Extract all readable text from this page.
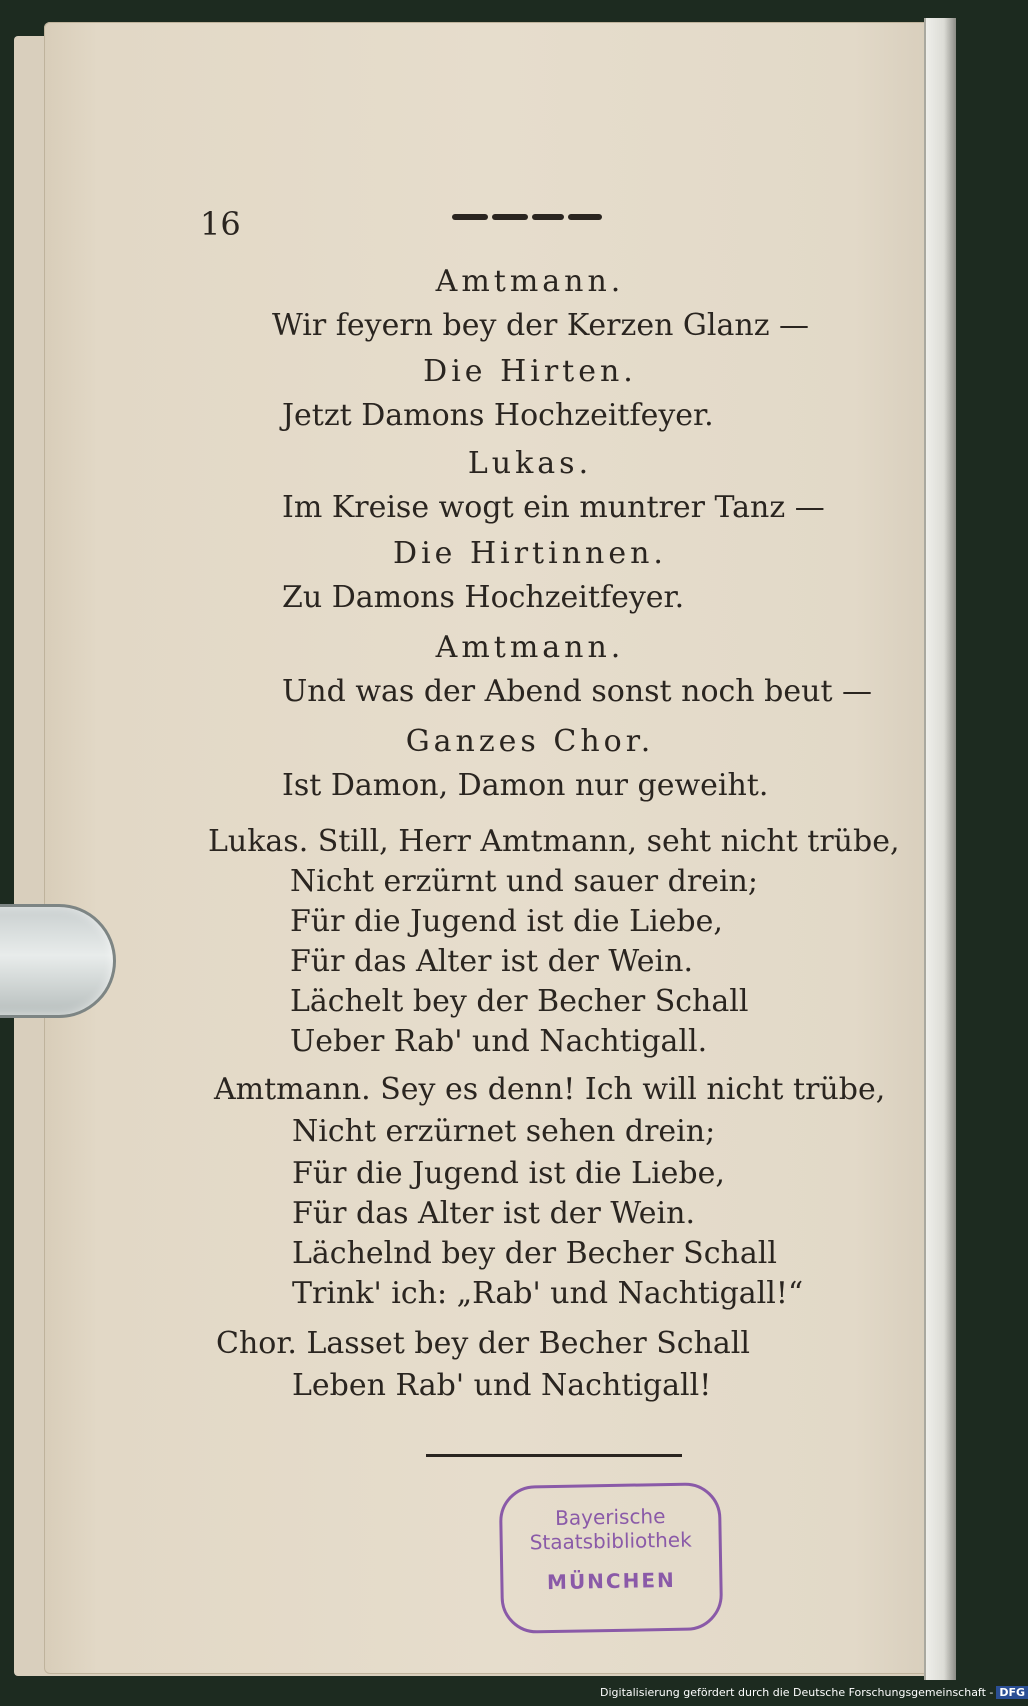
16
Amtmann.
Wir feyern bey der Kerzen Glanz —
Die Hirten.
Jetzt Damons Hochzeitfeyer.
Lukas.
Im Kreise wogt ein muntrer Tanz —
Die Hirtinnen.
Zu Damons Hochzeitfeyer.
Amtmann.
Und was der Abend sonst noch beut —
Ganzes Chor.
Ist Damon, Damon nur geweiht.
Lukas. Still, Herr Amtmann, seht nicht trübe,
Nicht erzürnt und sauer drein;
Für die Jugend ist die Liebe,
Für das Alter ist der Wein.
Lächelt bey der Becher Schall
Ueber Rab' und Nachtigall.
Amtmann. Sey es denn! Ich will nicht trübe,
Nicht erzürnet sehen drein;
Für die Jugend ist die Liebe,
Für das Alter ist der Wein.
Lächelnd bey der Becher Schall
Trink' ich: „Rab' und Nachtigall!“
Chor. Lasset bey der Becher Schall
Leben Rab' und Nachtigall!
Bayerische
Staatsbibliothek
MÜNCHEN
Digitalisierung gefördert durch die Deutsche Forschungsgemeinschaft - DFG
